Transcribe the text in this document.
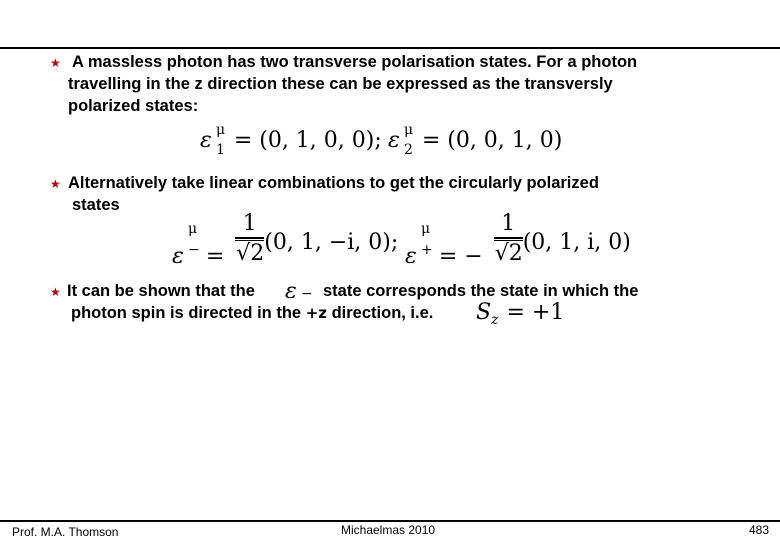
★ A massless photon has two transverse polarisation states. For a photon
travelling in the z direction these can be expressed as the transversly
polarized states:
ε μ
1 = (0, 1, 0, 0); ε μ
2 = (0, 0, 1, 0)
★ Alternatively take linear combinations to get the circularly polarized
states
ε
μ
− = $\frac{1}{√2} (0$, 1, −i, 0);
ε
μ
+ = − $\frac{1}{√2} (0$, 1, i, 0)
★ It can be shown that the ε − state corresponds the state in which the
photon spin is directed in the +z direction, i.e. $S_z = +1$
Prof. M.A. Thomson	Michaelmas 2010	483
